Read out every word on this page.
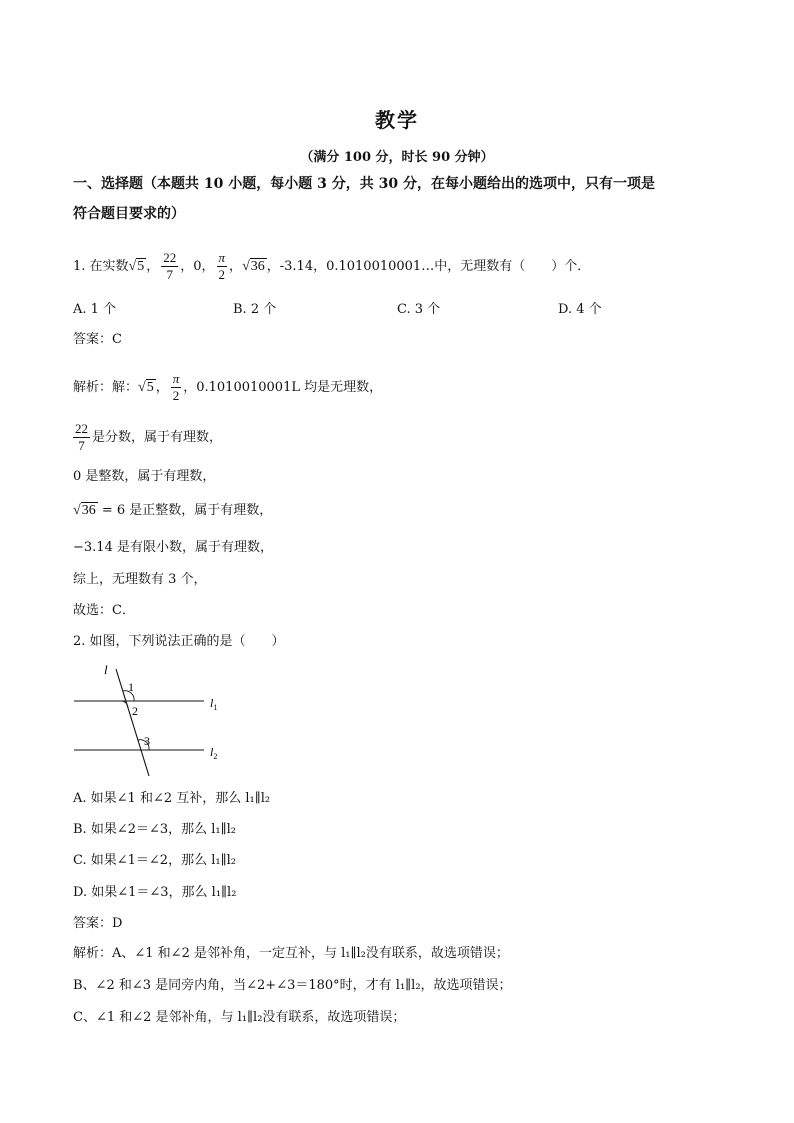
教学
（满分 100 分，时长 90 分钟）
一、选择题（本题共 10 小题，每小题 3 分，共 30 分，在每小题给出的选项中，只有一项是
符合题目要求的）
1. 在实数√5 ， $\frac{22}{7}$ ，0， $\frac{\pi}{2}$ ，√36 ，-3.14，0.1010010001…中，无理数有（　　）个．
A. 1 个	B. 2 个	C. 3 个	D. 4 个
答案：C
解析：解：√5 ， $\frac{\pi}{2}$ ，0.1010010001L 均是无理数，
$\frac{22}{7}$ 是分数，属于有理数，
0 是整数，属于有理数，
√36 = 6 是正整数，属于有理数，
−3.14 是有限小数，属于有理数，
综上，无理数有 3 个，
故选：C．
2. 如图，下列说法正确的是（　　）
l
1
2
3
$l_1$
$l_2$
A. 如果∠1 和∠2 互补，那么 l₁∥l₂
B. 如果∠2＝∠3，那么 l₁∥l₂
C. 如果∠1＝∠2，那么 l₁∥l₂
D. 如果∠1＝∠3，那么 l₁∥l₂
答案：D
解析：A、∠1 和∠2 是邻补角，一定互补，与 l₁∥l₂没有联系，故选项错误；
B、∠2 和∠3 是同旁内角，当∠2+∠3＝180°时，才有 l₁∥l₂，故选项错误；
C、∠1 和∠2 是邻补角，与 l₁∥l₂没有联系，故选项错误；
